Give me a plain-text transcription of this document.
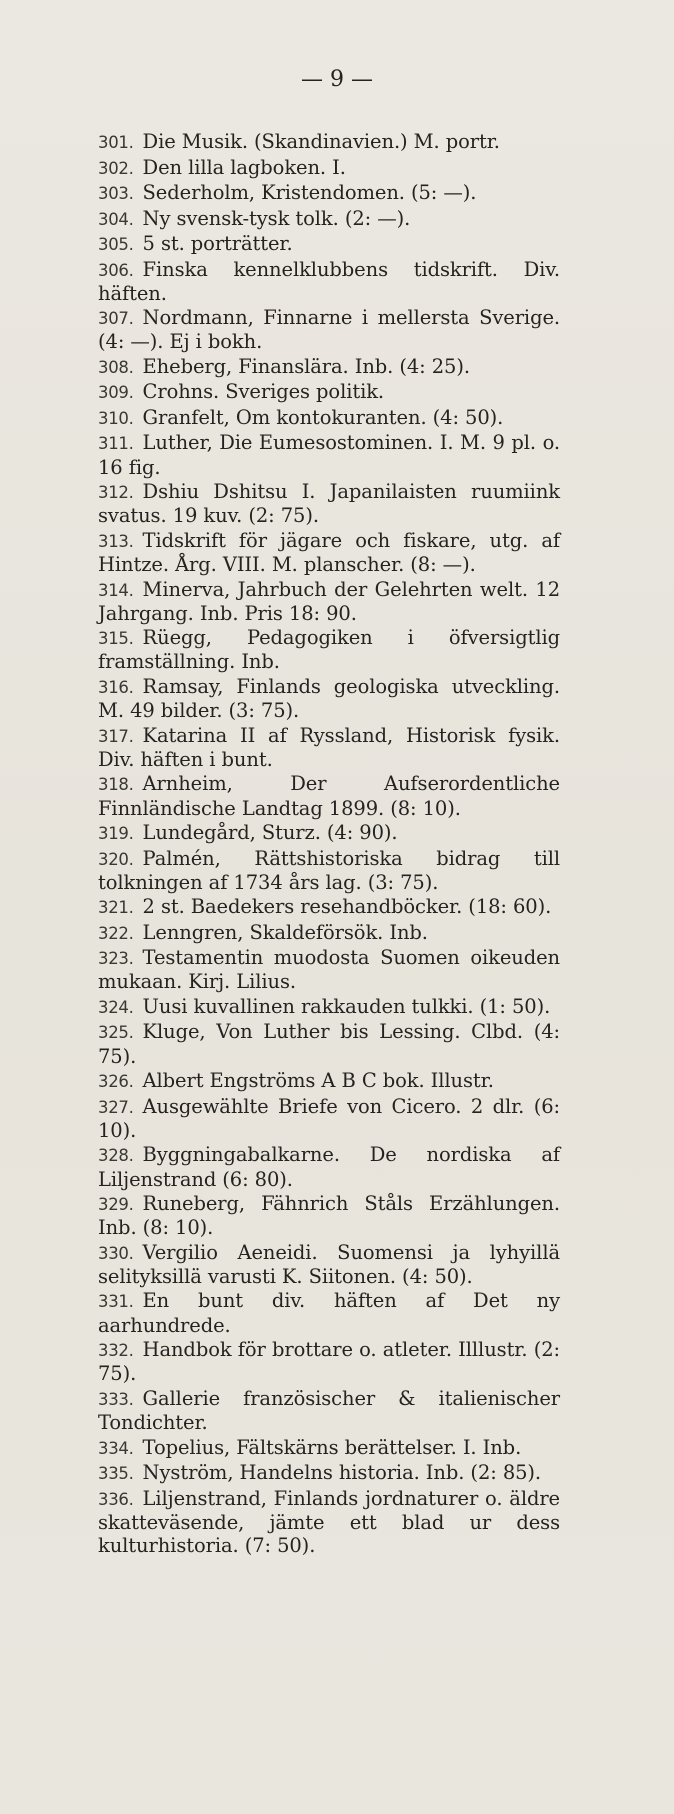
— 9 —

301. Die Musik. (Skandinavien.) M. portr.

302. Den lilla lagboken. I.

303. Sederholm, Kristendomen. (5: —).

304. Ny svensk-tysk tolk. (2: —).

305. 5 st. porträtter.

306. Finska kennelklubbens tidskrift. Div. häften.

307. Nordmann, Finnarne i mellersta Sverige. (4: —). Ej i bokh.

308. Eheberg, Finanslära. Inb. (4: 25).

309. Crohns. Sveriges politik.

310. Granfelt, Om kontokuranten. (4: 50).

311. Luther, Die Eumesostominen. I. M. 9 pl. o. 16 fig.

312. Dshiu Dshitsu I. Japanilaisten ruumiink svatus. 19 kuv. (2: 75).

313. Tidskrift för jägare och fiskare, utg. af Hintze. Årg. VIII. M. planscher. (8: —).

314. Minerva, Jahrbuch der Gelehrten welt. 12 Jahrgang. Inb. Pris 18: 90.

315. Rüegg, Pedagogiken i öfversigtlig framställning. Inb.

316. Ramsay, Finlands geologiska utveckling. M. 49 bilder. (3: 75).

317. Katarina II af Ryssland, Historisk fysik. Div. häften i bunt.

318. Arnheim, Der Aufserordentliche Finnländische Landtag 1899. (8: 10).

319. Lundegård, Sturz. (4: 90).

320. Palmén, Rättshistoriska bidrag till tolkningen af 1734 års lag. (3: 75).

321. 2 st. Baedekers resehandböcker. (18: 60).

322. Lenngren, Skaldeförsök. Inb.

323. Testamentin muodosta Suomen oikeuden mukaan. Kirj. Lilius.

324. Uusi kuvallinen rakkauden tulkki. (1: 50).

325. Kluge, Von Luther bis Lessing. Clbd. (4: 75).

326. Albert Engströms A B C bok. Illustr.

327. Ausgewählte Briefe von Cicero. 2 dlr. (6: 10).

328. Byggningabalkarne. De nordiska af Liljenstrand (6: 80).

329. Runeberg, Fähnrich Ståls Erzählungen. Inb. (8: 10).

330. Vergilio Aeneidi. Suomensi ja lyhyillä selityksillä varusti K. Siitonen. (4: 50).

331. En bunt div. häften af Det ny aarhundrede.

332. Handbok för brottare o. atleter. Illlustr. (2: 75).

333. Gallerie französischer & italienischer Tondichter.

334. Topelius, Fältskärns berättelser. I. Inb.

335. Nyström, Handelns historia. Inb. (2: 85).

336. Liljenstrand, Finlands jordnaturer o. äldre skatteväsende, jämte ett blad ur dess kulturhistoria. (7: 50).
